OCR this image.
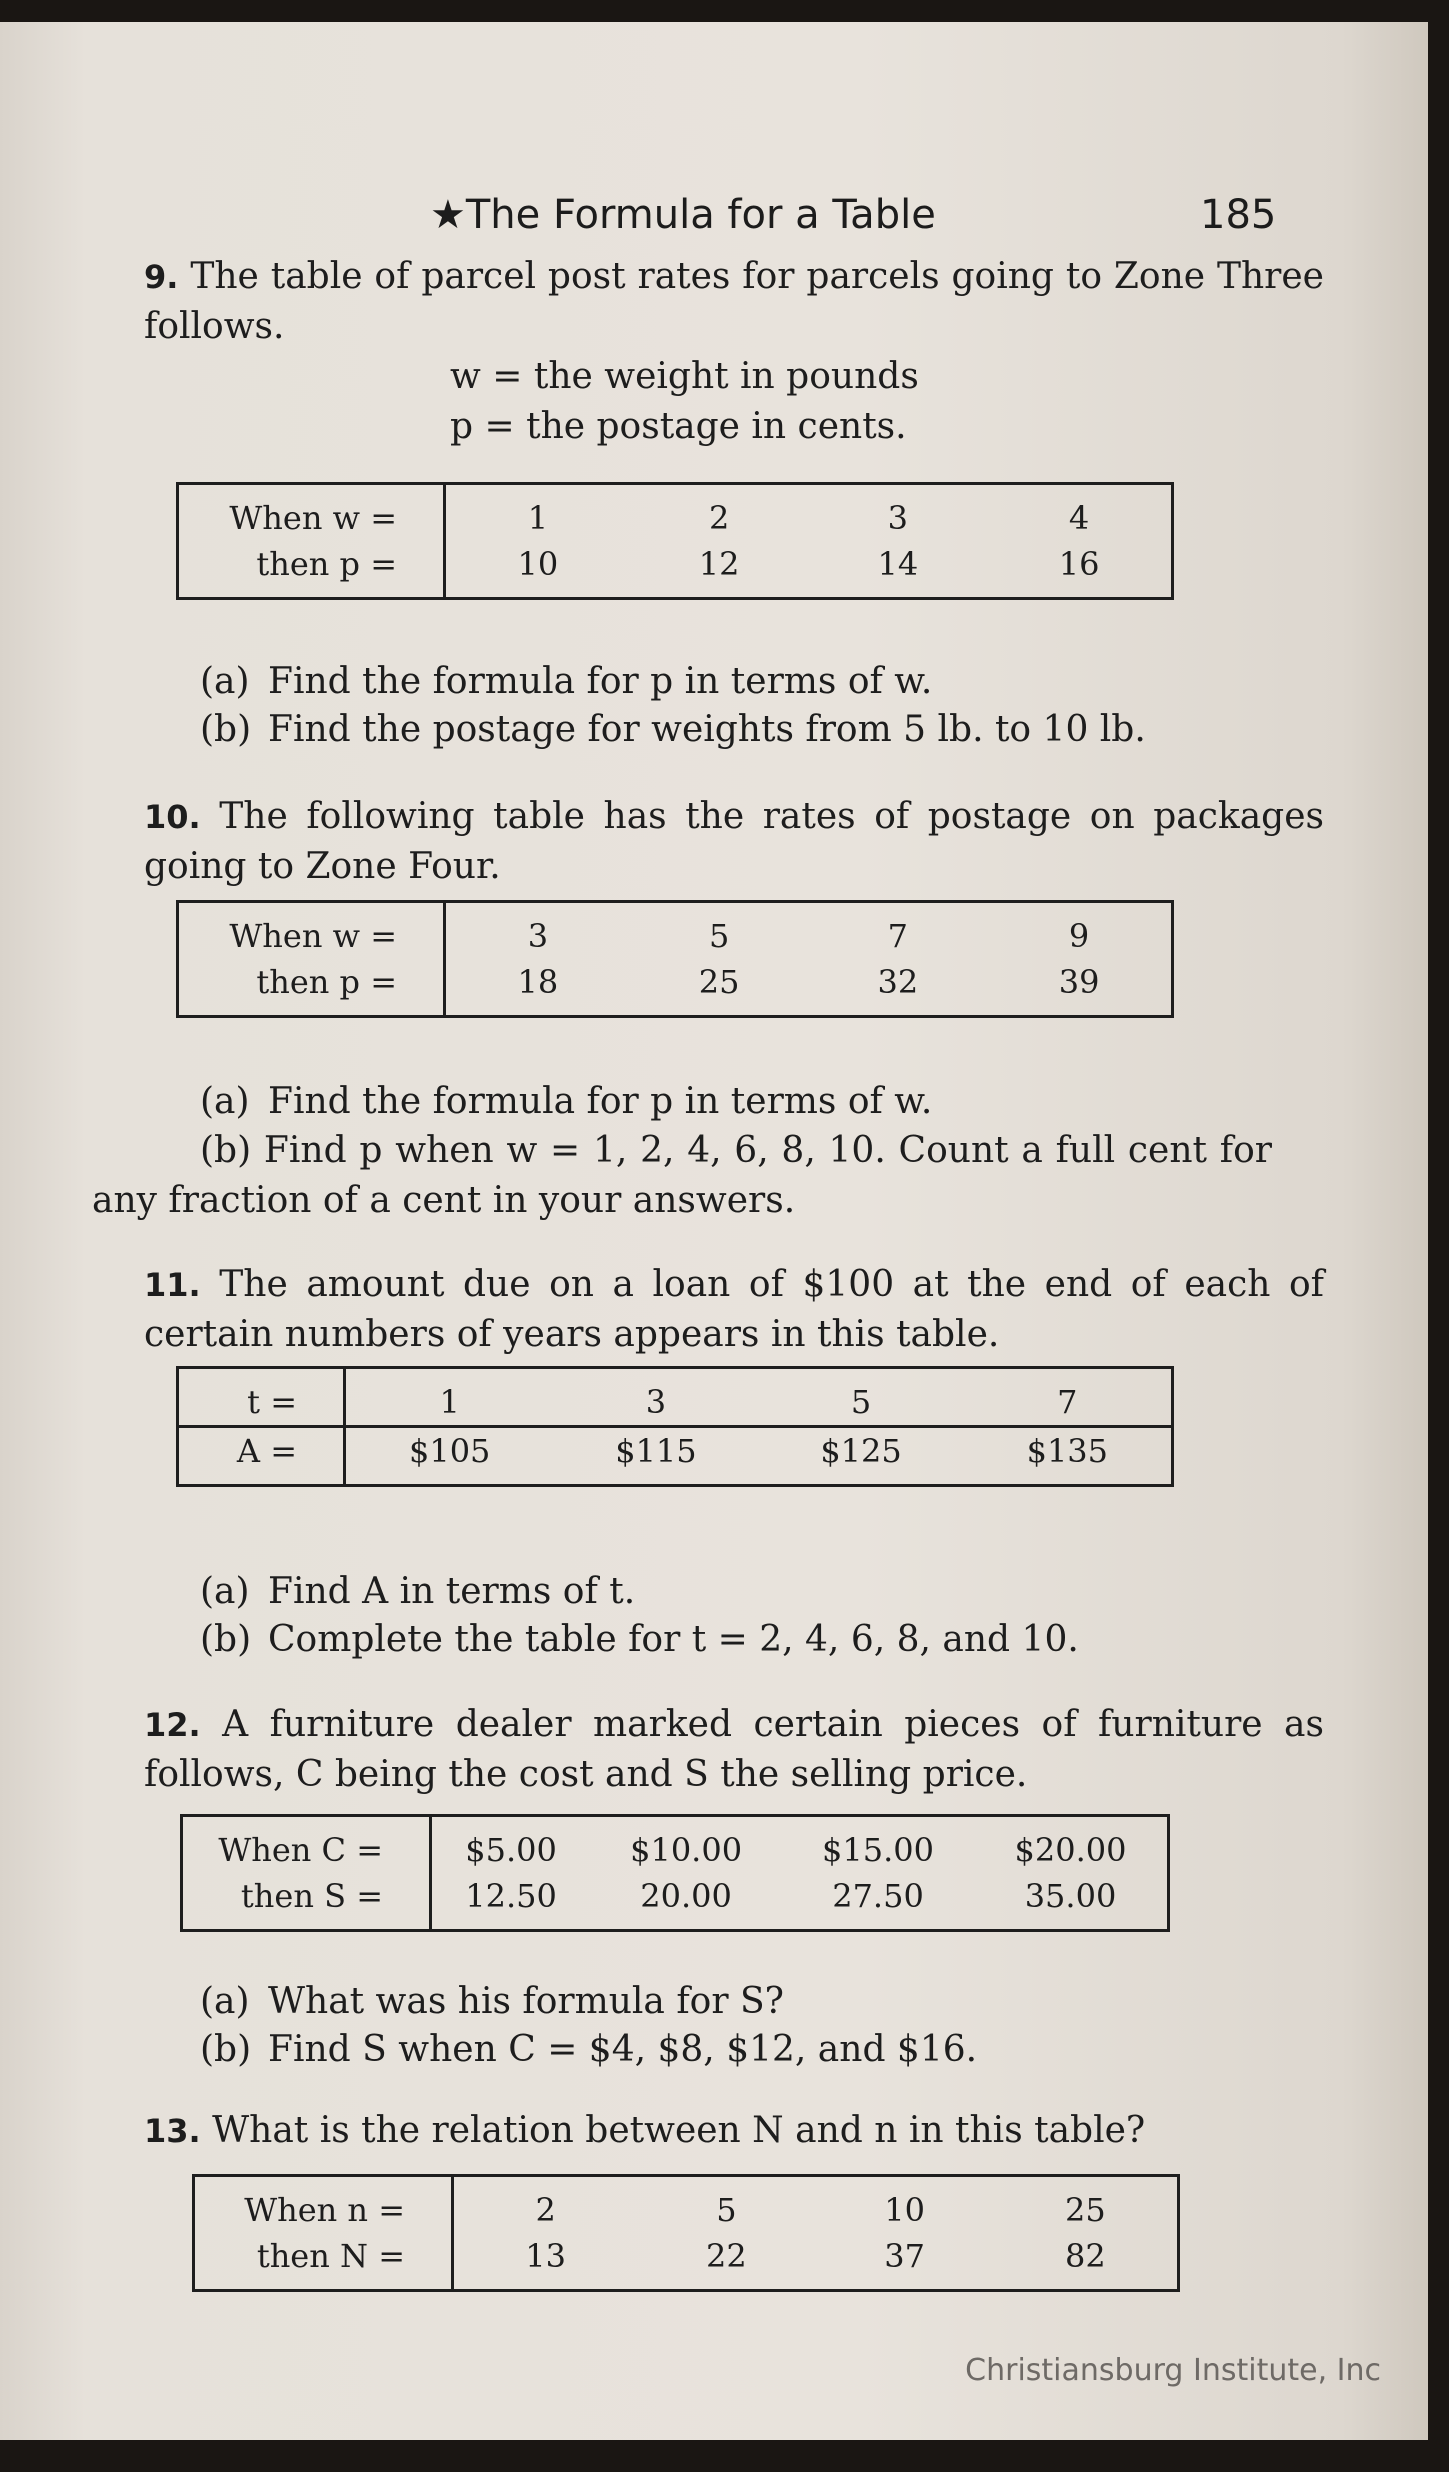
★The Formula for a Table	185
9. The table of parcel post rates for parcels going to Zone Three follows.
w = the weight in pounds
p = the postage in cents.
When w =	1	2	3	4
then p =	10	12	14	16
(a) Find the formula for p in terms of w.
(b) Find the postage for weights from 5 lb. to 10 lb.
10. The following table has the rates of postage on packages going to Zone Four.
When w =	3	5	7	9
then p =	18	25	32	39
(a) Find the formula for p in terms of w.
(b) Find p when w = 1, 2, 4, 6, 8, 10. Count a full cent for any fraction of a cent in your answers.
11. The amount due on a loan of $100 at the end of each of certain numbers of years appears in this table.
t =	1	3	5	7
A =	$105	$115	$125	$135
(a) Find A in terms of t.
(b) Complete the table for t = 2, 4, 6, 8, and 10.
12. A furniture dealer marked certain pieces of furniture as follows, C being the cost and S the selling price.
When C =	$5.00	$10.00	$15.00	$20.00
then S =	12.50	20.00	27.50	35.00
(a) What was his formula for S?
(b) Find S when C = $4, $8, $12, and $16.
13. What is the relation between N and n in this table?
When n =	2	5	10	25
then N =	13	22	37	82
Christiansburg Institute, Inc
